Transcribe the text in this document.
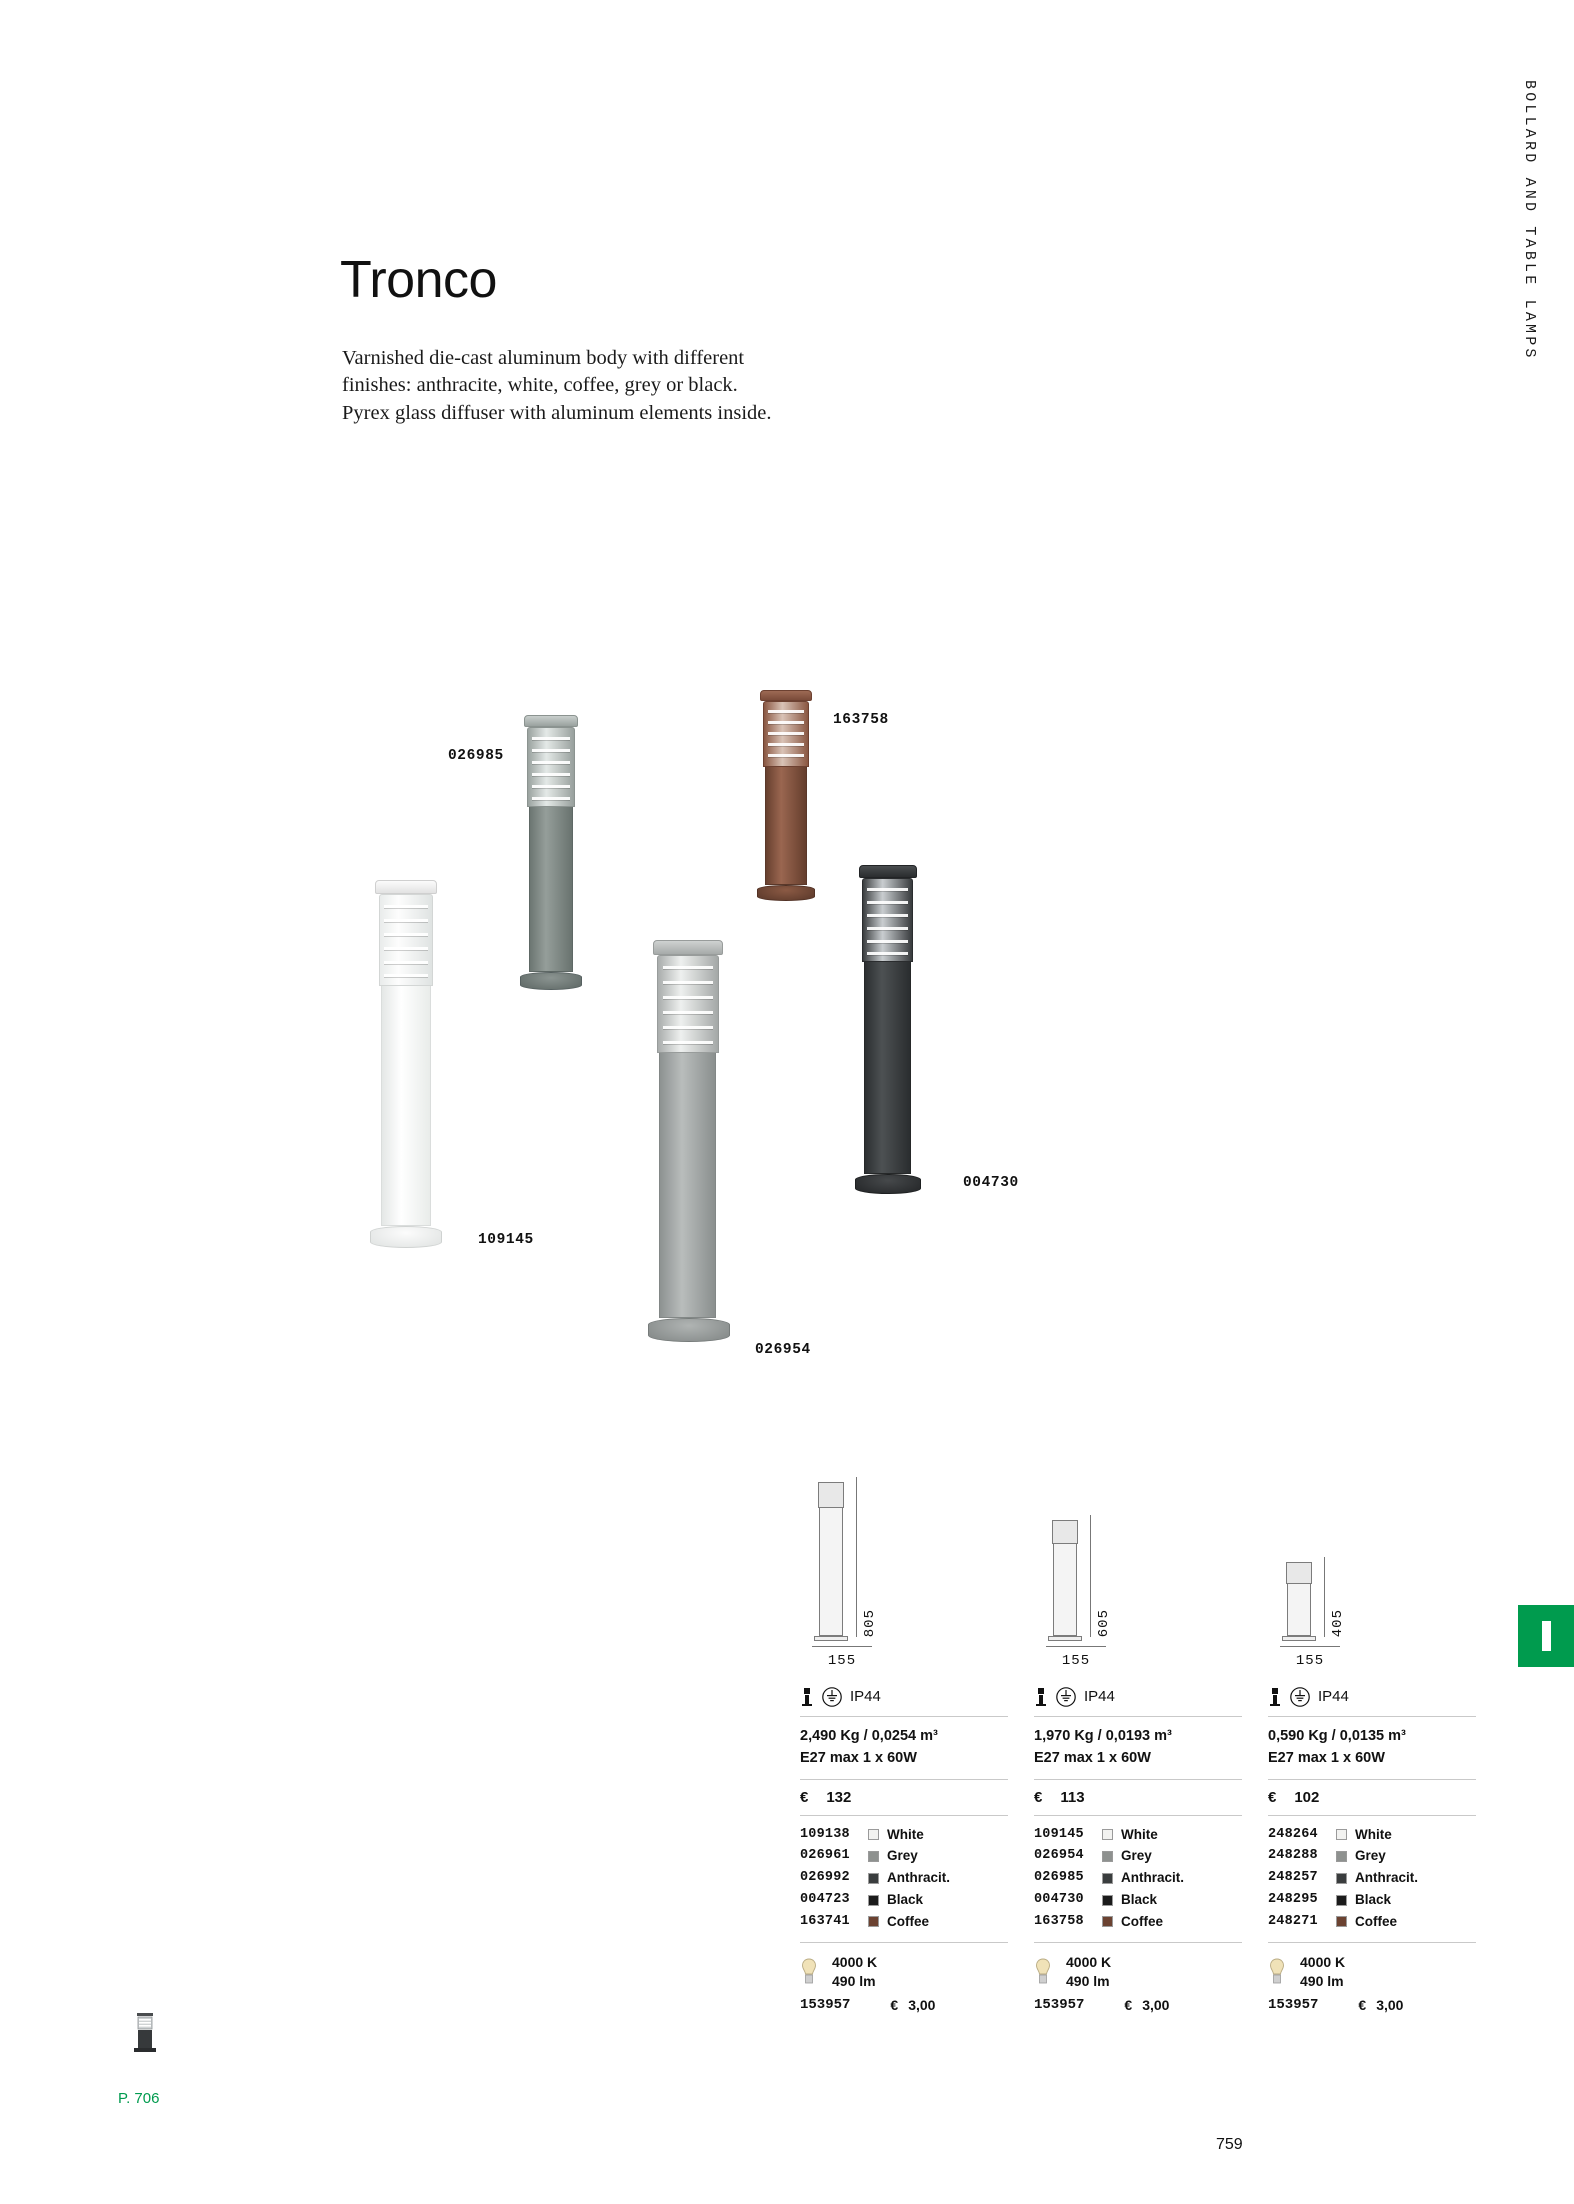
BOLLARD AND TABLE LAMPS
Tronco
Varnished die-cast aluminum body with different finishes: anthracite, white, coffee, grey or black. Pyrex glass diffuser with aluminum elements inside.
109145
026985
163758
026954
004730
805
155
IP44
2,490 Kg / 0,0254 m³
E27 max 1 x 60W
€ 132
109138	White
026961	Grey
026992	Anthracit.
004723	Black
163741	Coffee
4000 K
490 lm
153957	€ 3,00
605
155
IP44
1,970 Kg / 0,0193 m³
E27 max 1 x 60W
€ 113
109145	White
026954	Grey
026985	Anthracit.
004730	Black
163758	Coffee
4000 K
490 lm
153957	€ 3,00
405
155
IP44
0,590 Kg / 0,0135 m³
E27 max 1 x 60W
€ 102
248264	White
248288	Grey
248257	Anthracit.
248295	Black
248271	Coffee
4000 K
490 lm
153957	€ 3,00
P. 706
759
